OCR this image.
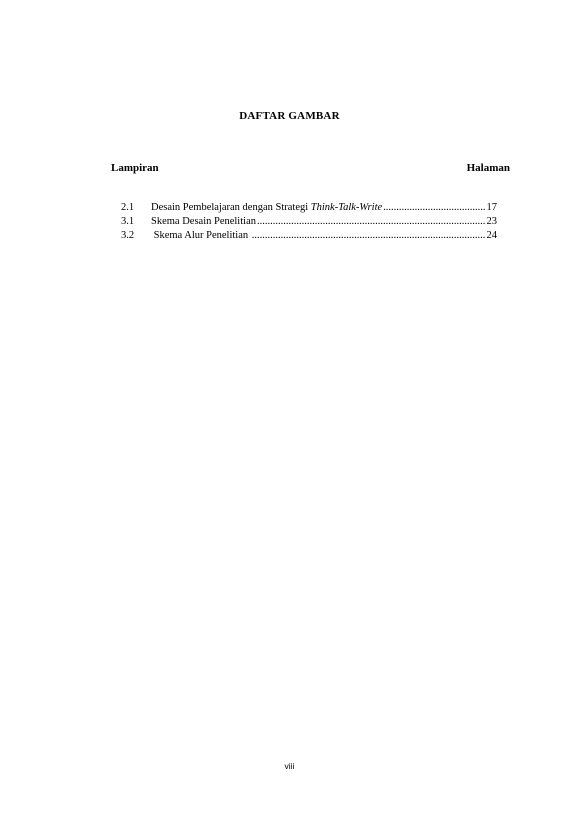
DAFTAR GAMBAR
Lampiran	Halaman
2.1	Desain Pembelajaran dengan Strategi Think-Talk-Write .....	17
3.1	Skema Desain Penelitian .....	23
3.2	Skema Alur Penelitian .....	24
viii
